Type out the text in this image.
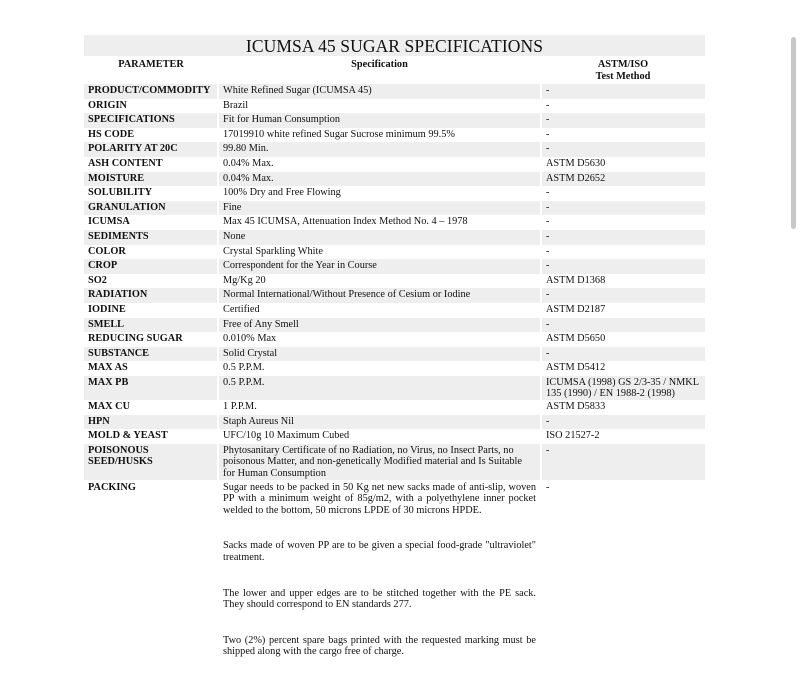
ICUMSA 45 SUGAR SPECIFICATIONS
PARAMETER	Specification	ASTM/ISO
Test Method
PRODUCT/COMMODITY	White Refined Sugar (ICUMSA 45)	-
ORIGIN	Brazil	-
SPECIFICATIONS	Fit for Human Consumption	-
HS CODE	17019910 white refined Sugar Sucrose minimum 99.5%	-
POLARITY AT 20C	99.80 Min.	-
ASH CONTENT	0.04% Max.	ASTM D5630
MOISTURE	0.04% Max.	ASTM D2652
SOLUBILITY	100% Dry and Free Flowing	-
GRANULATION	Fine	-
ICUMSA	Max 45 ICUMSA, Attenuation Index Method No. 4 – 1978	-
SEDIMENTS	None	-
COLOR	Crystal Sparkling White	-
CROP	Correspondent for the Year in Course	-
SO2	Mg/Kg 20	ASTM D1368
RADIATION	Normal International/Without Presence of Cesium or Iodine	-
IODINE	Certified	ASTM D2187
SMELL	Free of Any Smell	-
REDUCING SUGAR	0.010% Max	ASTM D5650
SUBSTANCE	Solid Crystal	-
MAX AS	0.5 P.P.M.	ASTM D5412
MAX PB	0.5 P.P.M.	ICUMSA (1998) GS 2/3-35 / NMKL 135 (1990) / EN 1988-2 (1998)
MAX CU	1 P.P.M.	ASTM D5833
HPN	Staph Aureus Nil	-
MOLD & YEAST	UFC/10g 10 Maximum Cubed	ISO 21527-2
POISONOUS SEED/HUSKS	Phytosanitary Certificate of no Radiation, no Virus, no Insect Parts, no poisonous Matter, and non-genetically Modified material and Is Suitable for Human Consumption	-
PACKING	Sugar needs to be packed in 50 Kg net new sacks made of anti-slip, woven PP with a minimum weight of 85g/m2, with a polyethylene inner pocket welded to the bottom, 50 microns LPDE of 30 microns HPDE.

Sacks made of woven PP are to be given a special food-grade "ultraviolet" treatment.

The lower and upper edges are to be stitched together with the PE sack. They should correspond to EN standards 277.

Two (2%) percent spare bags printed with the requested marking must be shipped along with the cargo free of charge.	-
